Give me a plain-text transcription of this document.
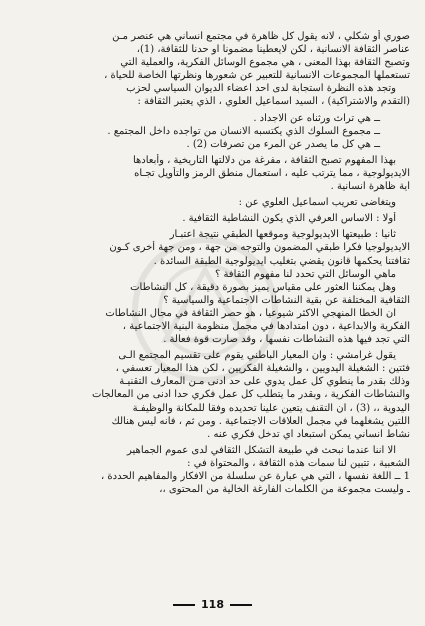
صوري أو شكلي ، لانه يقول كل ظاهرة في مجتمع انساني هي عنصر مـن
عناصر الثقافة الانسانية ، لكن لايعطينا مضمونا او حدنا للثقافة، (1)،
وتصبح الثقافة بهذا المعنى ، هي مجموع الوسائل الفكرية، والعملية التي
تستعملها المجموعات الانسانية للتعبير عن شعورها ونظرتها الخاصة للحياة ،
وتجد هذه النظرة استجابة لدى احد اعضاء الديوان السياسي لحزب
(التقدم والاشتراكية) ، السيد اسماعيل العلوي ، الذي يعتبر الثقافة :
ــ هي تراث ورثناه عن الاجداد .
ــ مجموع السلوك الذي يكتسبه الانسان من تواجده داخل المجتمع .
ــ هي كل ما يصدر عن المرء من تصرفات (2) .
بهذا المفهوم تصبح الثقافة ، مفرغة من دلالتها التاريخية ، وأبعادها
الايديولوجية ، مما يترتب عليه ، استعمال منطق الرمز والتأويل تجـاه
اية ظاهرة انسانية .
ويتغاضى تعريب اسماعيل العلوي عن :
أولا : الاساس العرفي الذي يكون النشاطية الثقافية .
ثانيا : طبيعتها الايديولوجية وموقعها الطبقي نتيجة اعتبـار
الايديولوجيا فكرا طبقي المضمون والتوجه من جهة ، ومن جهة أخرى كـون
ثقافتنا يحكمها قانون يقضي بتغليب ايديولوجية الطبقة السائدة .
ماهي الوسائل التي تحدد لنا مفهوم الثقافة ؟
وهل يمكننا العثور على مقياس يميز بصورة دقيقة ، كل النشاطات
الثقافية المختلفة عن بقية النشاطات الاجتماعية والسياسية ؟
ان الخطا المنهجي الاكثر شيوعيا ، هو حصر الثقافة في مجال النشاطات
الفكرية والابداعية ، دون امتدادها في مجمل منظومة البنية الاجتماعية ،
التي تجد فيها هذه النشاطات نفسها ، وقد صارت قوة فعالة .
يقول غرامشي : وان المعيار الباطني يقوم على تقسيم المجتمع الـى
فئتين : الشغيلة اليدويين ، والشغيلة الفكريين ، لكن هذا المعيار تعسفي ،
وذلك بقدر ما ينطوي كل عمل يدوي على حد ادنى مـن المعارف التقنيـة
والنشاطات الفكرية ، وبقدر ما يتطلب كل عمل فكري حدا ادنى من المعالجات
اليدوية ،، (3) ، ان التقنف يتعين علينا تحديده وفقا للمكانة والوظيفـة
اللتين يشغلهما في مجمل العلاقات الاجتماعية . ومن ثم ، فانه ليس هنالك
نشاط انساني يمكن استبعاد اي تدخل فكري عنه .
الا اننا عندما نبحث في طبيعة التشكل الثقافي لدى عموم الجماهير
الشعبية ، تتبين لنا سمات هذه الثقافة ، والمحتواة في :
1 ــ اللغة نفسها ، التي هي عبارة عن سلسلة من الافكار والمفاهيم الحددة ،
ـ وليست مجموعة من الكلمات الفارغة الخالية من المحتوى ،،
118
